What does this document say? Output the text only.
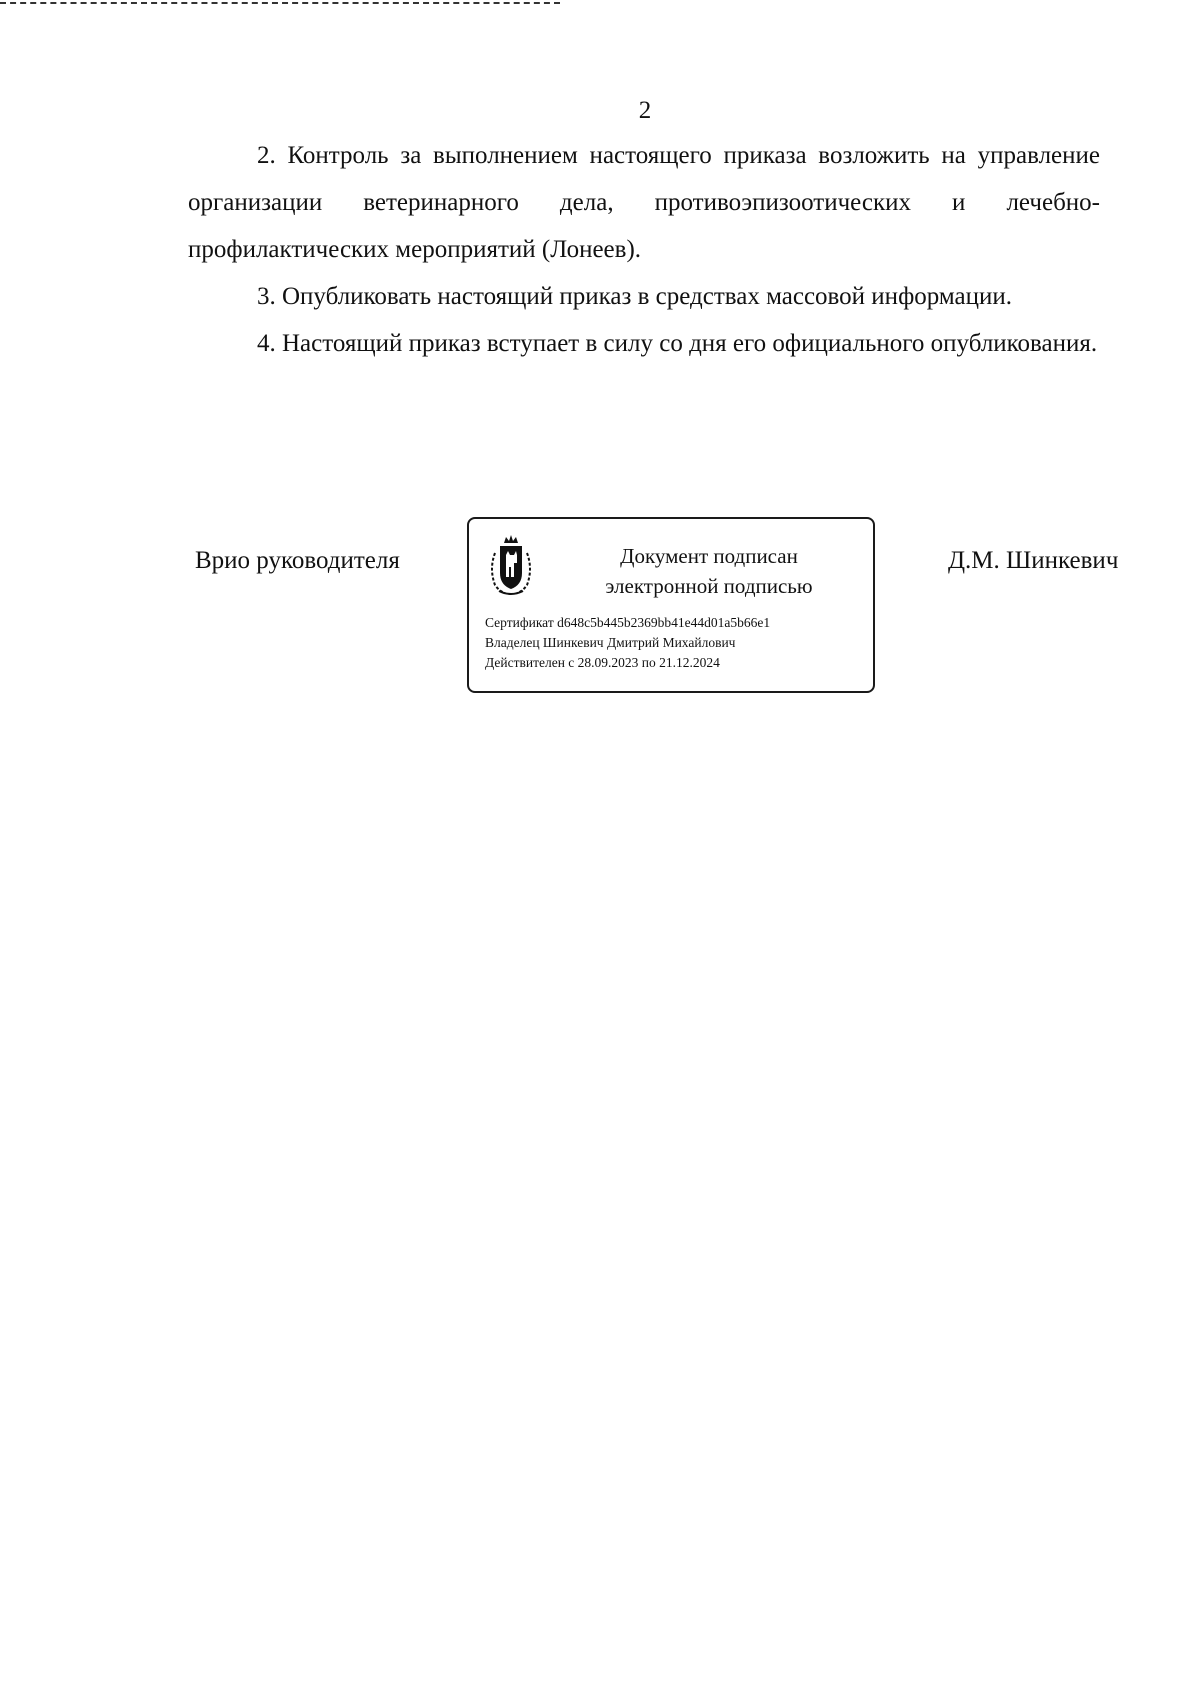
2

2. Контроль за выполнением настоящего приказа возложить на управление организации ветеринарного дела, противоэпизоотических и лечебно-профилактических мероприятий (Лонеев).

3. Опубликовать настоящий приказ в средствах массовой информации.

4. Настоящий приказ вступает в силу со дня его официального опубликования.

Врио руководителя	Документ подписан
электронной подписью
Сертификат d648c5b445b2369bb41e44d01a5b66e1
Владелец Шинкевич Дмитрий Михайлович
Действителен с 28.09.2023 по 21.12.2024
Д.М. Шинкевич
